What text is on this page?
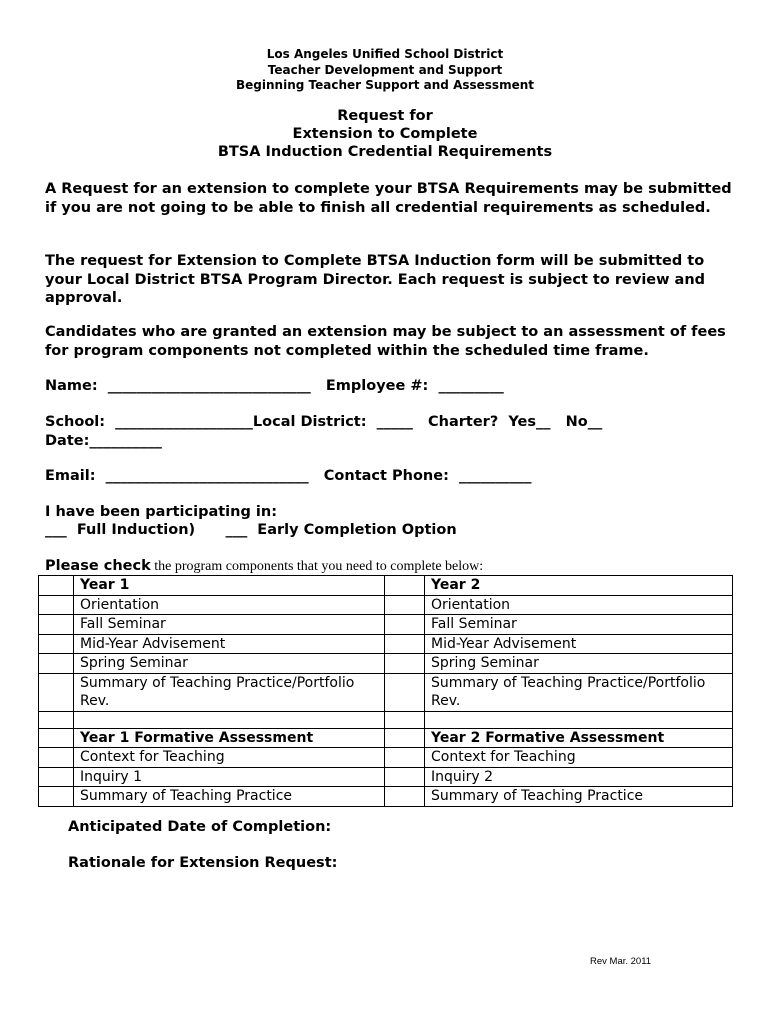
Los Angeles Unified School District
Teacher Development and Support
Beginning Teacher Support and Assessment
Request for
Extension to Complete
BTSA Induction Credential Requirements
A Request for an extension to complete your BTSA Requirements may be submitted if you are not going to be able to finish all credential requirements as scheduled.
The request for Extension to Complete BTSA Induction form will be submitted to your Local District BTSA Program Director. Each request is subject to review and approval.
Candidates who are granted an extension may be subject to an assessment of fees for program components not completed within the scheduled time frame.
Name:  ____________________________   Employee #:  _________
School:  ___________________Local District:  _____   Charter?  Yes__   No__
Date:__________
Email:  ____________________________   Contact Phone:  __________
I have been participating in:
___  Full Induction)      ___  Early Completion Option
Please check the program components that you need to complete below:
	Year 1		Year 2
	Orientation		Orientation
	Fall Seminar		Fall Seminar
	Mid-Year Advisement		Mid-Year Advisement
	Spring Seminar		Spring Seminar
	Summary of Teaching Practice/Portfolio Rev.		Summary of Teaching Practice/Portfolio Rev.

	Year 1 Formative Assessment		Year 2 Formative Assessment
	Context for Teaching		Context for Teaching
	Inquiry 1		Inquiry 2
	Summary of Teaching Practice		Summary of Teaching Practice
Anticipated Date of Completion:
Rationale for Extension Request:
Rev Mar. 2011
